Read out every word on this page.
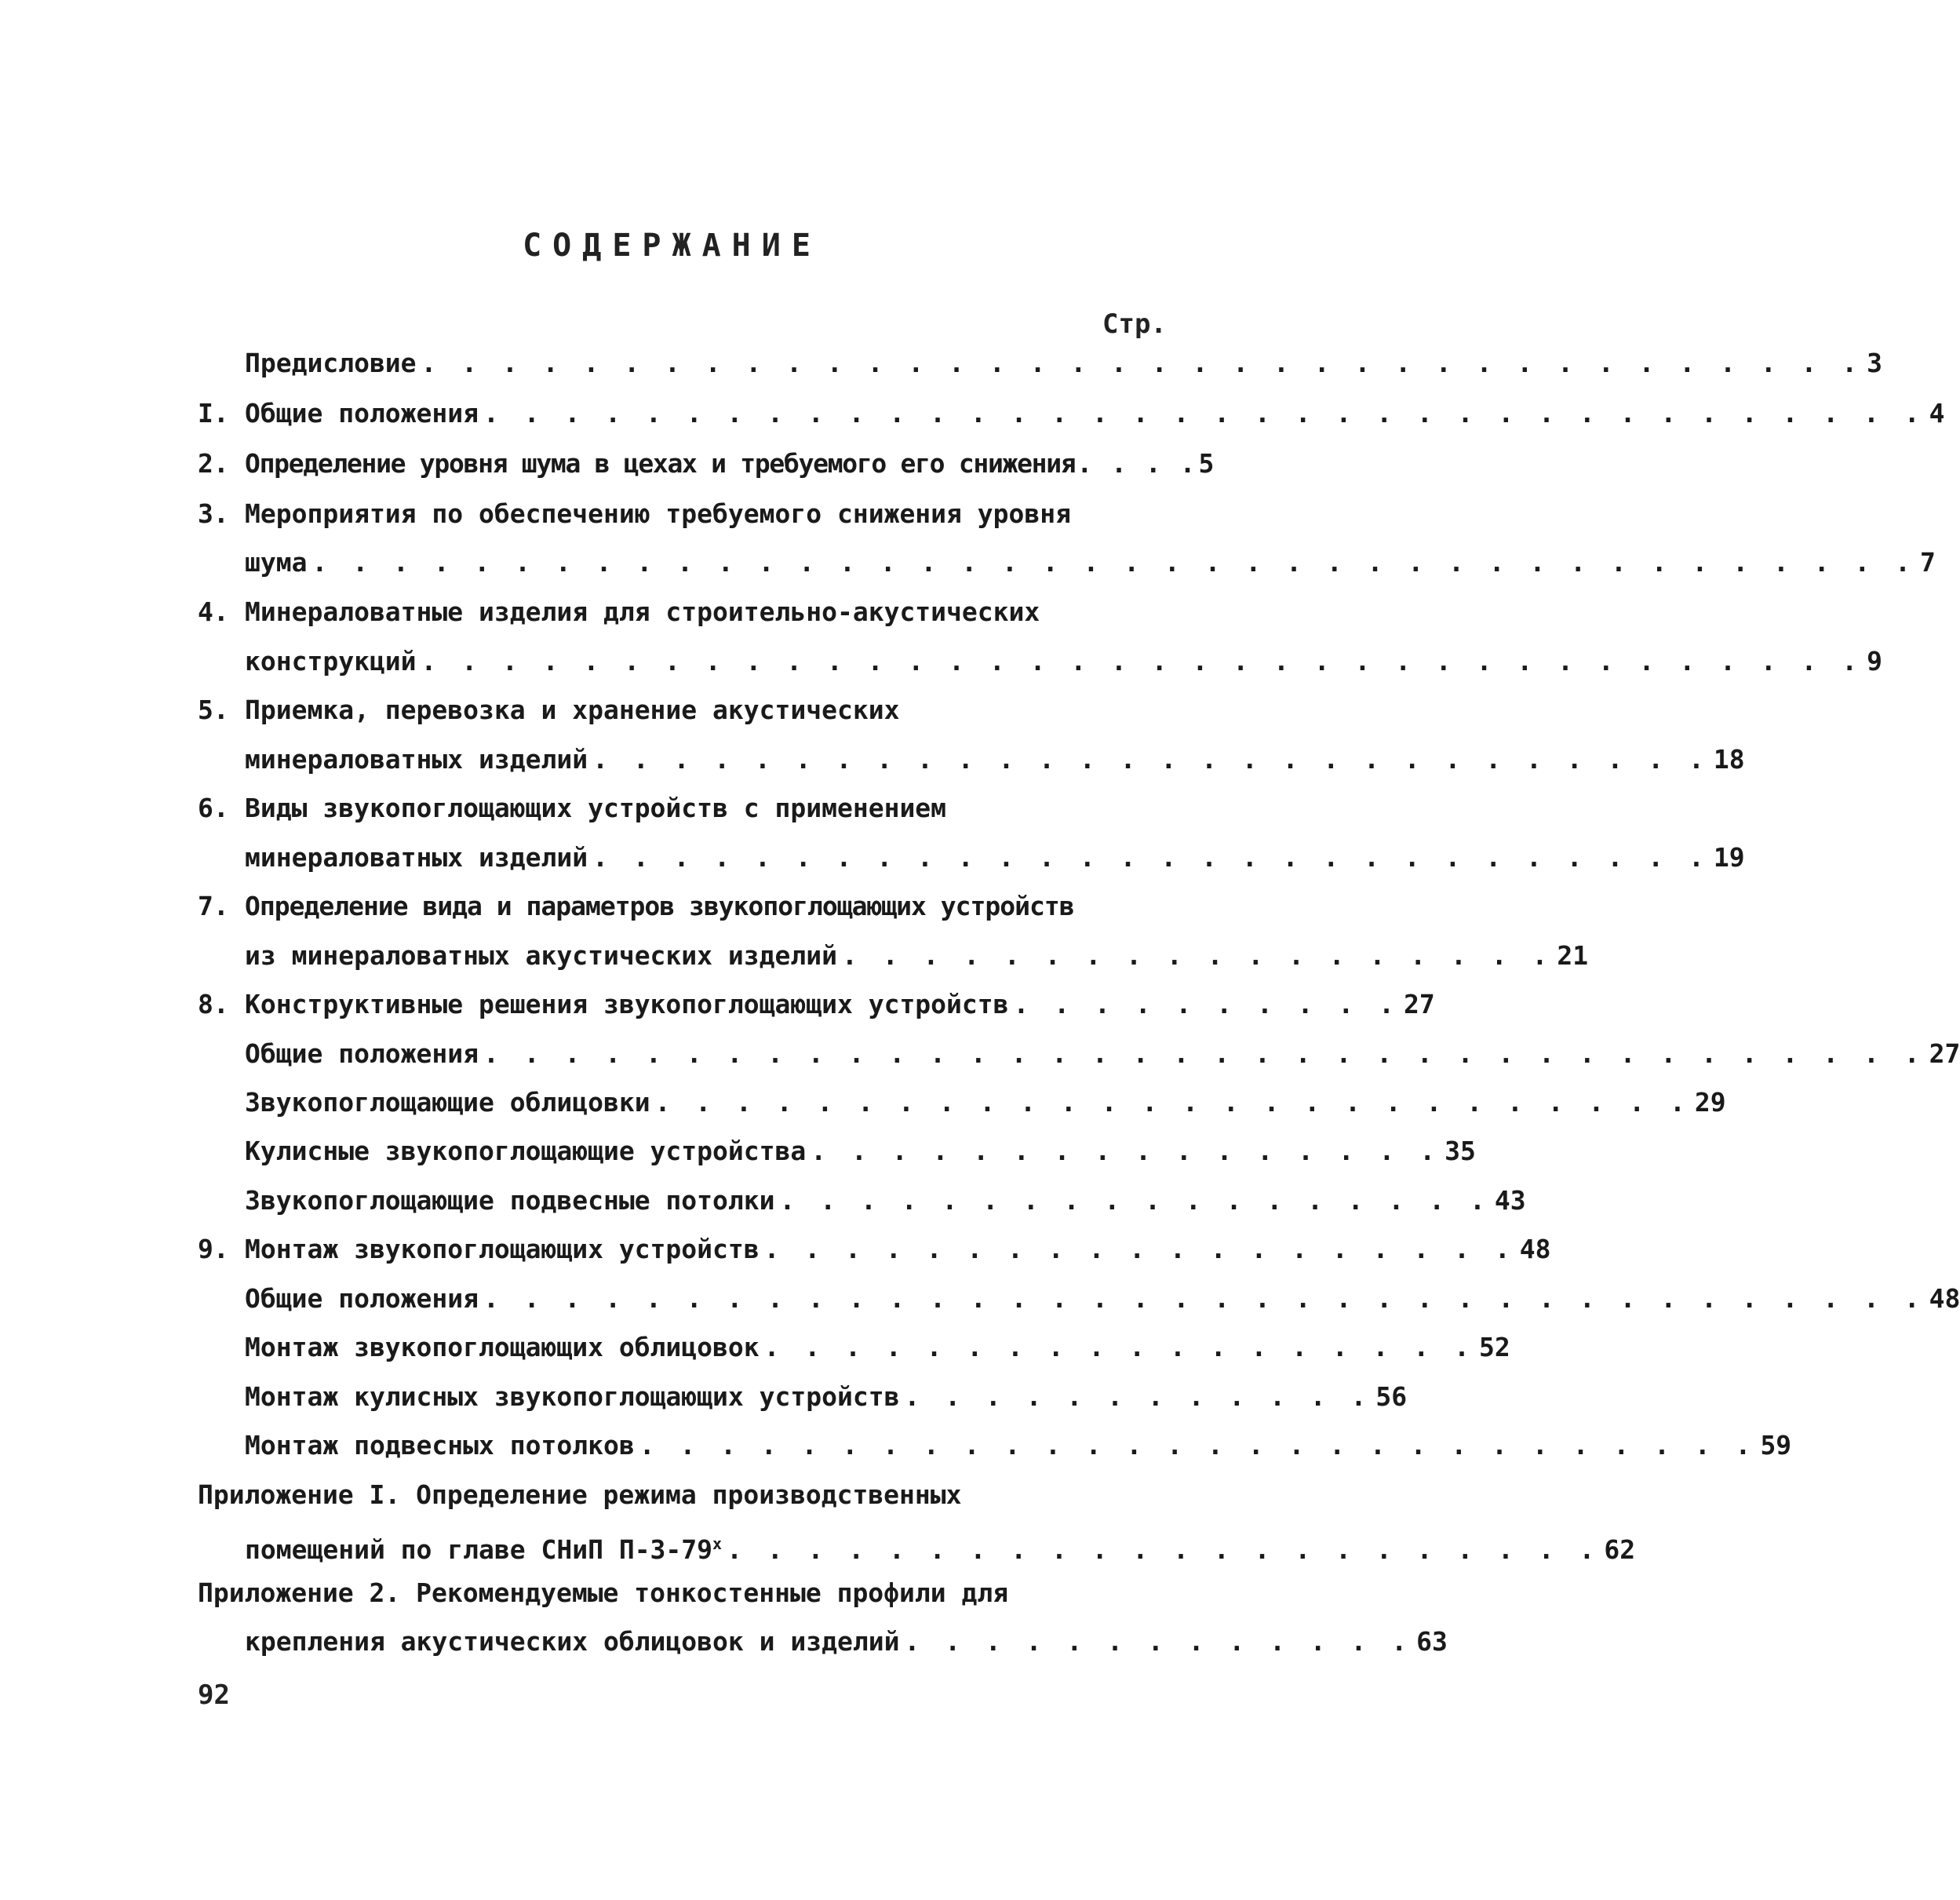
СОДЕРЖАНИЕ
Стр.
Предисловие . . . . . . . . . . . . . . . . . . . . . . . . . . . . . . . . . . . . 3
I. Общие положения . . . . . . . . . . . . . . . . . . . . . . . . . . . . . . . . . . . . 4
2. Определение уровня шума в цехах и требуемого его снижения . . . . 5
3. Мероприятия по обеспечению требуемого снижения уровня
шума . . . . . . . . . . . . . . . . . . . . . . . . . . . . . . . . . . . . . . . . 7
4. Минераловатные изделия для строительно-акустических
конструкций . . . . . . . . . . . . . . . . . . . . . . . . . . . . . . . . . . . . 9
5. Приемка, перевозка и хранение акустических
минераловатных изделий . . . . . . . . . . . . . . . . . . . . . . . . . . . . 18
6. Виды звукопоглощающих устройств с применением
минераловатных изделий . . . . . . . . . . . . . . . . . . . . . . . . . . . . 19
7. Определение вида и параметров звукопоглощающих устройств
из минераловатных акустических изделий . . . . . . . . . . . . . . . . . . 21
8. Конструктивные решения звукопоглощающих устройств . . . . . . . . . . 27
Общие положения . . . . . . . . . . . . . . . . . . . . . . . . . . . . . . . . . . . . 27
Звукопоглощающие облицовки . . . . . . . . . . . . . . . . . . . . . . . . . . 29
Кулисные звукопоглощающие устройства . . . . . . . . . . . . . . . . 35
Звукопоглощающие подвесные потолки . . . . . . . . . . . . . . . . . . 43
9. Монтаж звукопоглощающих устройств . . . . . . . . . . . . . . . . . . . 48
Общие положения . . . . . . . . . . . . . . . . . . . . . . . . . . . . . . . . . . . . 48
Монтаж звукопоглощающих облицовок . . . . . . . . . . . . . . . . . . 52
Монтаж кулисных звукопоглощающих устройств . . . . . . . . . . . . 56
Монтаж подвесных потолков . . . . . . . . . . . . . . . . . . . . . . . . . . . . 59
Приложение I. Определение режима производственных
помещений по главе СНиП П-3-79$^x$ . . . . . . . . . . . . . . . . . . . . . . 62
Приложение 2. Рекомендуемые тонкостенные профили для
крепления акустических облицовок и изделий . . . . . . . . . . . . . 63
92
